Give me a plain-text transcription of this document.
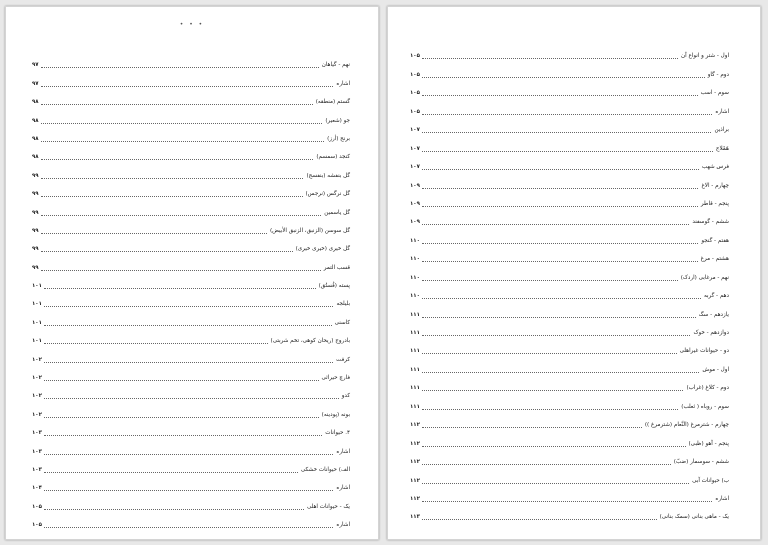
• • •
نهم - گیاهان
۹۷
اشاره
۹۷
گستم (منطقه)
۹۸
جو (شعیر)
۹۸
برنج (أرز)
۹۸
کنجد (سمسم)
۹۸
گل بنفشه (بنفسج)
۹۹
گل نرگس (نرجس)
۹۹
گل یاسمین
۹۹
گل سوسن (الزنبق، الزنبق الأبیض)
۹۹
گل خیری (خیری خیری)
۹۹
قسب التمر
۹۹
پسته (فُستُق)
۱۰۱
بلیلجه
۱۰۱
کاسنی
۱۰۱
بادروج (ریحان کوهی، تخم شربتی)
۱۰۱
کرفت
۱۰۲
فارچ حیراثی
۱۰۲
کدو
۱۰۲
بونه (پودینه)
۱۰۲
۴. حیوانات
۱۰۳
اشاره
۱۰۳
الف) حیوانات خشکی
۱۰۳
اشاره
۱۰۴
یک - حیوانات اهلی
۱۰۵
اشاره
۱۰۵
اول - شتر و انواع آن
۱۰۵
دوم - گاو
۱۰۵
سوم - اسب
۱۰۵
اشاره
۱۰۵
براذین
۱۰۷
هَمْلاج
۱۰۷
فرس شهب
۱۰۷
چهارم - الاغ
۱۰۹
پنجم - قاطر
۱۰۹
ششم - گوسفند
۱۰۹
هفتم - گنجو
۱۱۰
هشتم - مرغ
۱۱۰
نهم - مرغابی (اردک)
۱۱۰
دهم - گربه
۱۱۰
یازدهم - سگ
۱۱۱
دوازدهم - خوک
۱۱۱
دو - حیوانات غیراهلی
۱۱۱
اول - موش
۱۱۱
دوم - کلاغ (غراب)
۱۱۱
سوم - روباه ( ثعلب)
۱۱۱
چهارم - شترمرغ (النَّعام (شترمرغ ))
۱۱۲
پنجم - آهو (ظبی)
۱۱۲
ششم - سوسمار (ضبّ)
۱۱۲
ب) حیوانات آبی
۱۱۲
اشاره
۱۱۲
یک - ماهی بنانی (سمک بنانی)
۱۱۳
